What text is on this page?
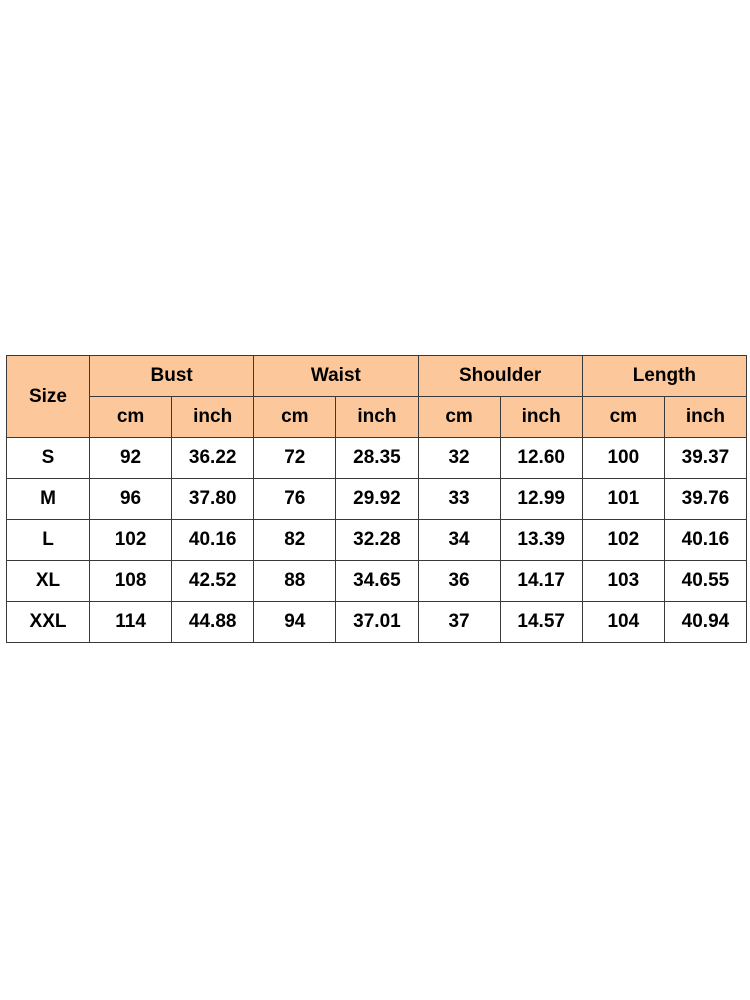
Size	Bust		Waist		Shoulder		Length	
	cm	inch	cm	inch	cm	inch	cm	inch
S	92	36.22	72	28.35	32	12.60	100	39.37
M	96	37.80	76	29.92	33	12.99	101	39.76
L	102	40.16	82	32.28	34	13.39	102	40.16
XL	108	42.52	88	34.65	36	14.17	103	40.55
XXL	114	44.88	94	37.01	37	14.57	104	40.94
